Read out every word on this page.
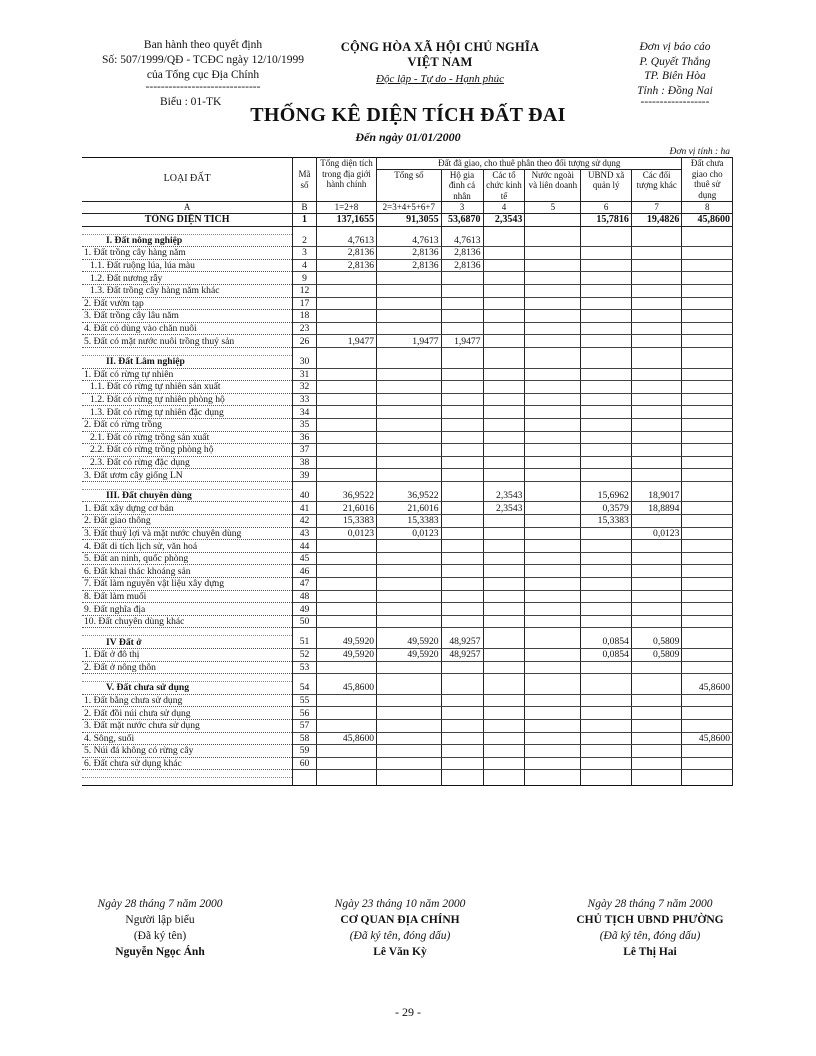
Ban hành theo quyết định
Số: 507/1999/QĐ - TCĐC ngày 12/10/1999
của Tổng cục Địa Chính
------------------------------
CỘNG HÒA XÃ HỘI CHỦ NGHĨA VIỆT NAM
Độc lập - Tự do - Hạnh phúc
Đơn vị báo cáo
P. Quyết Thắng
TP. Biên Hòa
Tỉnh : Đồng Nai
------------------
Biểu : 01-TK
THỐNG KÊ DIỆN TÍCH ĐẤT ĐAI
Đến ngày 01/01/2000
Đơn vị tính : ha
LOẠI ĐẤT	Mã số	Tổng diện tích trong địa giới hành chính	Đất đã giao, cho thuê phân theo đối tượng sử dụng						Đất chưa giao cho thuê sử dụng
			Tổng số	Hộ gia đình cá nhân	Các tổ chức kinh tế	Nước ngoài và liên doanh	UBND xã quản lý	Các đối tượng khác	
A	B	1=2+8	2=3+4+5+6+7	3	4	5	6	7	8
TỔNG DIỆN TÍCH	1	137,1655	91,3055	53,6870	2,3543		15,7816	19,4826	45,8600

I. Đất nông nghiệp	2	4,7613	4,7613	4,7613					
1. Đất trồng cây hàng năm	3	2,8136	2,8136	2,8136					
1.1. Đất ruộng lúa, lúa màu	4	2,8136	2,8136	2,8136					
1.2. Đất nương rẫy	9								
1.3. Đất trồng cây hàng năm khác	12								
2. Đất vườn tạp	17								
3. Đất trồng cây lâu năm	18								
4. Đất cỏ dùng vào chăn nuôi	23								
5. Đất có mặt nước nuôi trồng thuỷ sản	26	1,9477	1,9477	1,9477					

II. Đất Lâm nghiệp	30								
1. Đất có rừng tự nhiên	31								
1.1. Đất có rừng tự nhiên sản xuất	32								
1.2. Đất có rừng tự nhiên phòng hộ	33								
1.3. Đất có rừng tự nhiên đặc dụng	34								
2. Đất có rừng trồng	35								
2.1. Đất có rừng trồng sản xuất	36								
2.2. Đất có rừng trồng phòng hộ	37								
2.3. Đất có rừng đặc dụng	38								
3. Đất ươm cây giống LN	39								

III. Đất chuyên dùng	40	36,9522	36,9522		2,3543		15,6962	18,9017	
1. Đất xây dựng cơ bản	41	21,6016	21,6016		2,3543		0,3579	18,8894	
2. Đất giao thông	42	15,3383	15,3383				15,3383		
3. Đất thuỷ lợi và mặt nước chuyên dùng	43	0,0123	0,0123					0,0123	
4. Đất di tích lịch sử, văn hoá	44								
5. Đất an ninh, quốc phòng	45								
6. Đất khai thác khoáng sản	46								
7. Đất làm nguyên vật liệu xây dựng	47								
8. Đất làm muối	48								
9. Đất nghĩa địa	49								
10. Đất chuyên dùng khác	50								

IV Đất ở	51	49,5920	49,5920	48,9257			0,0854	0,5809	
1. Đất ở đô thị	52	49,5920	49,5920	48,9257			0,0854	0,5809	
2. Đất ở nông thôn	53								

V. Đất chưa sử dụng	54	45,8600							45,8600
1. Đất bằng chưa sử dụng	55								
2. Đất đồi núi chưa sử dụng	56								
3. Đất mặt nước chưa sử dụng	57								
4. Sông, suối	58	45,8600							45,8600
5. Núi đá không có rừng cây	59								
6. Đất chưa sử dụng khác	60								

Ngày 28 tháng 7 năm 2000
Người lập biểu
(Đã ký tên)
Nguyễn Ngọc Ánh
Ngày 23 tháng 10 năm 2000
CƠ QUAN ĐỊA CHÍNH
(Đã ký tên, đóng dấu)
Lê Văn Kỳ
Ngày 28 tháng 7 năm 2000
CHỦ TỊCH UBND PHƯỜNG
(Đã ký tên, đóng dấu)
Lê Thị Hai
- 29 -
